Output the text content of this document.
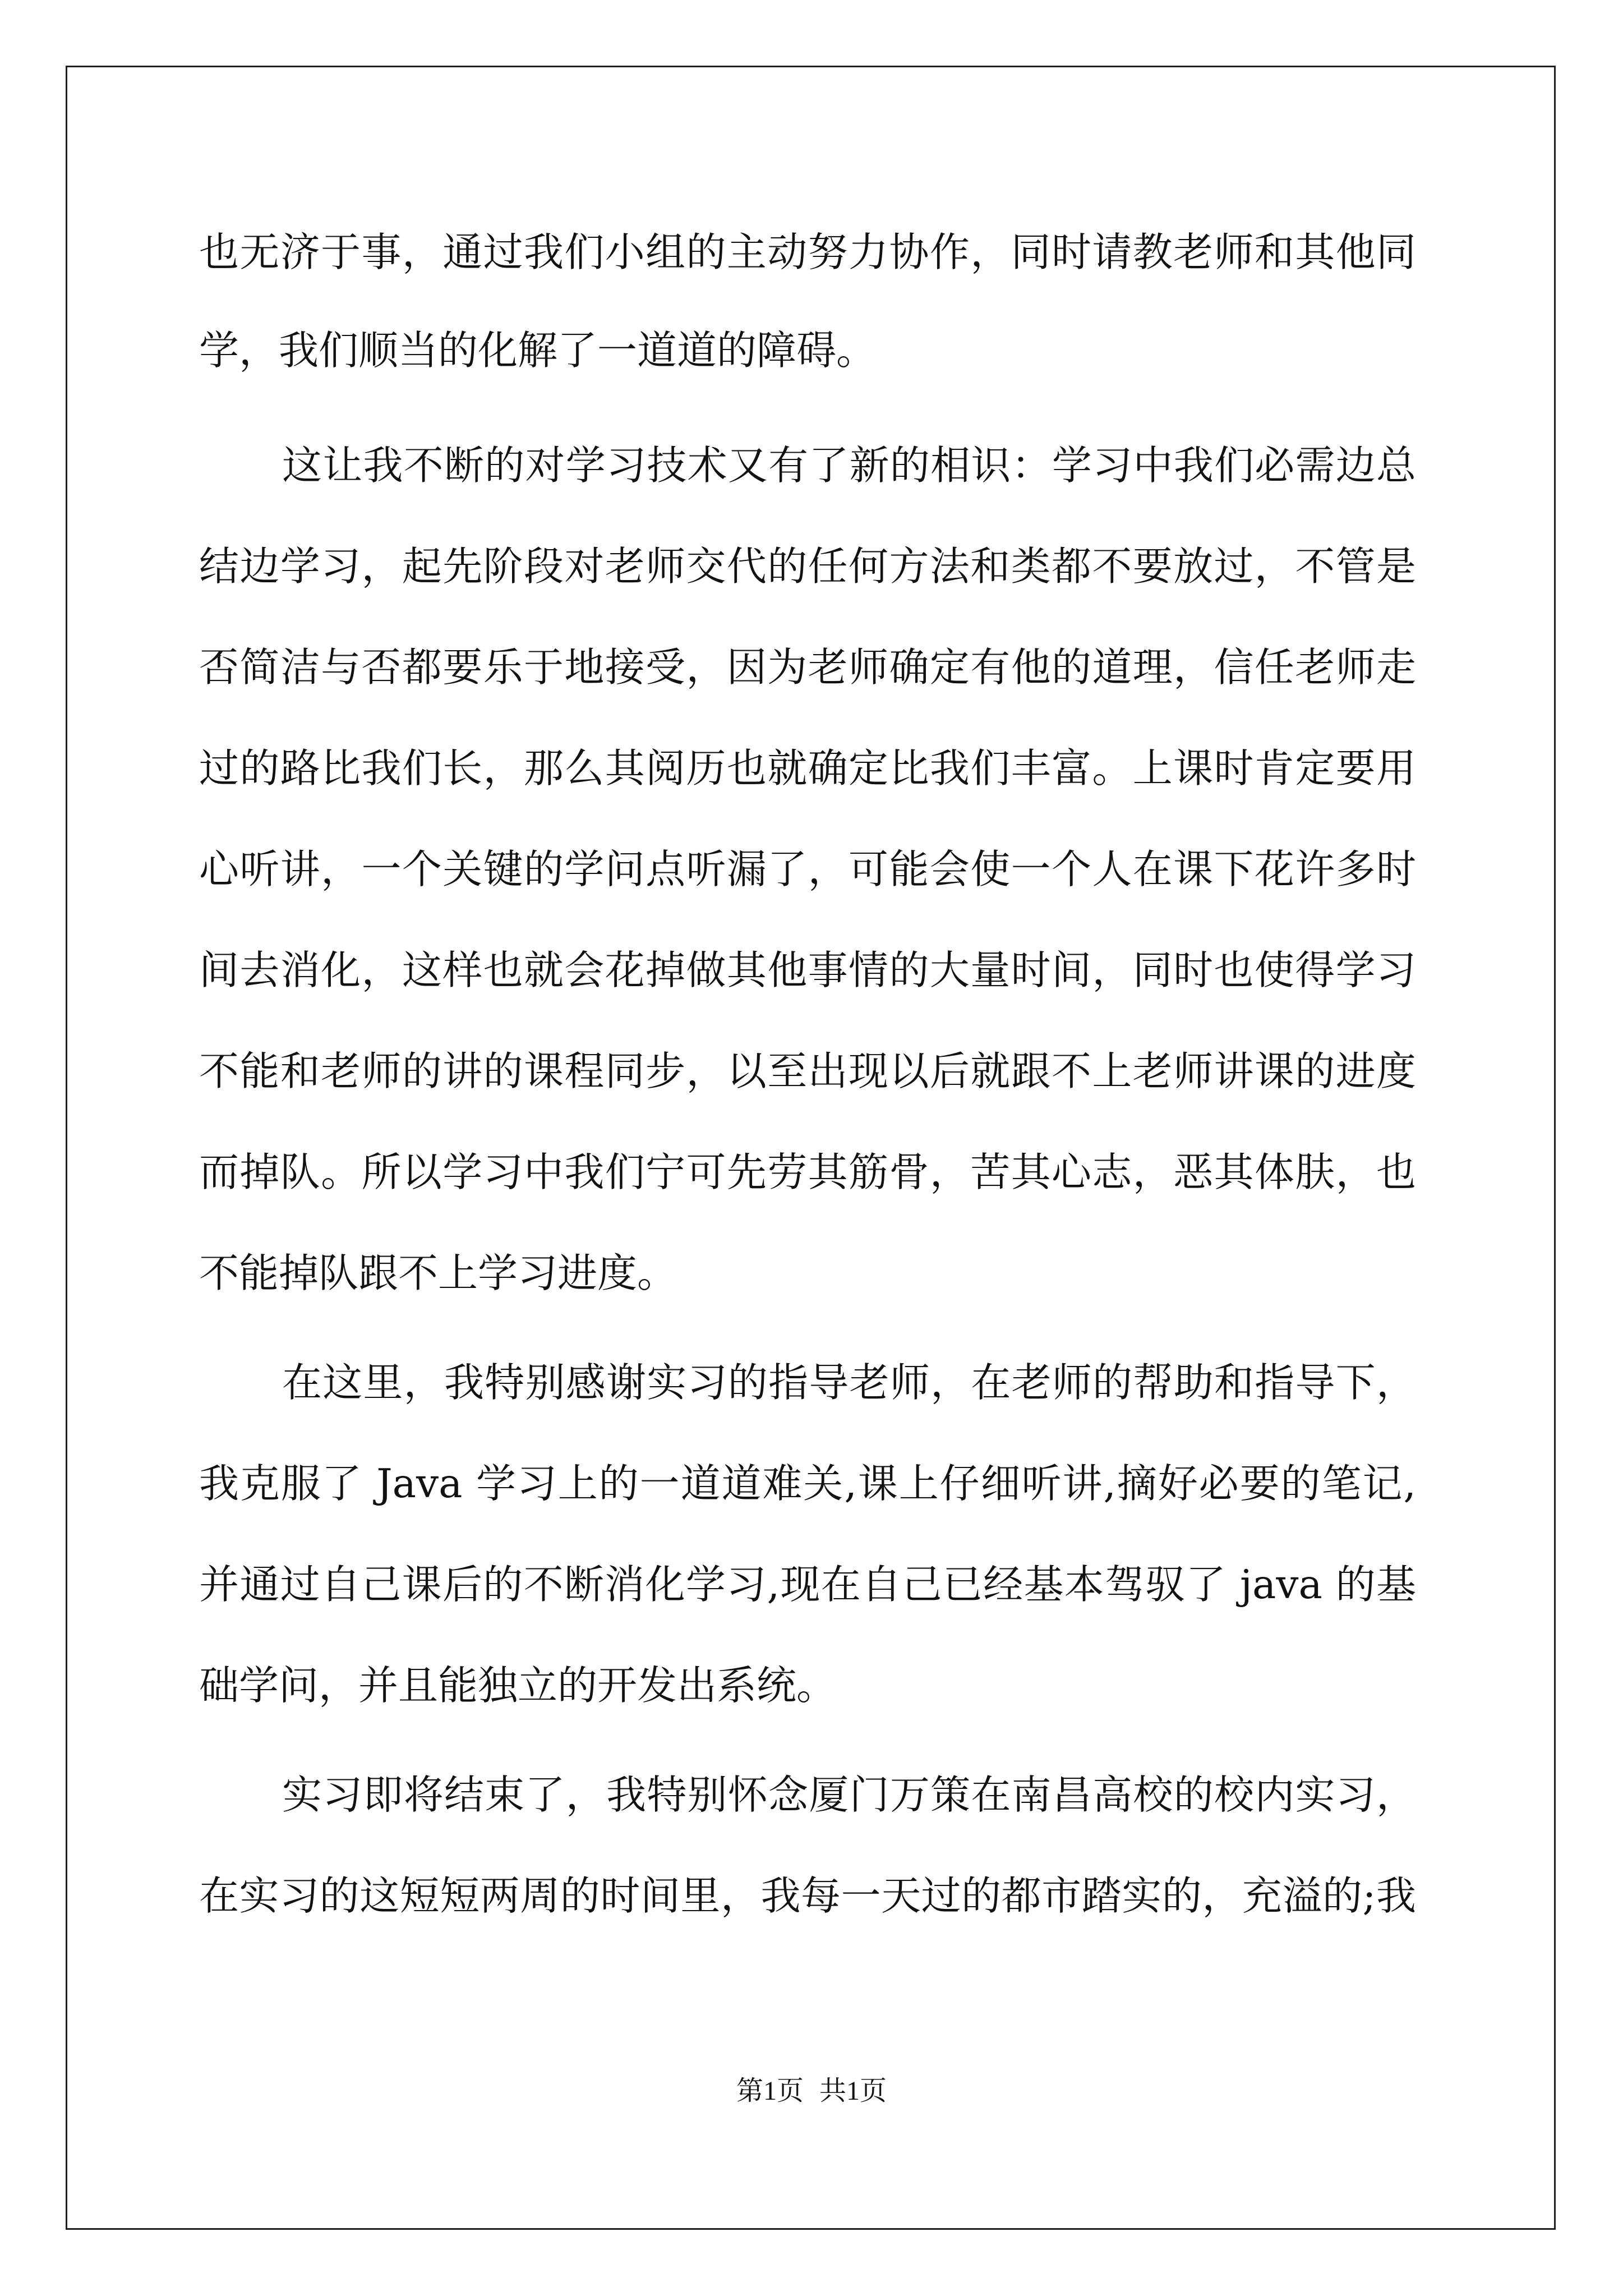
也无济于事，通过我们小组的主动努力协作，同时请教老师和其他同
学，我们顺当的化解了一道道的障碍。
这让我不断的对学习技术又有了新的相识：学习中我们必需边总
结边学习，起先阶段对老师交代的任何方法和类都不要放过，不管是
否简洁与否都要乐于地接受，因为老师确定有他的道理，信任老师走
过的路比我们长，那么其阅历也就确定比我们丰富。上课时肯定要用
心听讲，一个关键的学问点听漏了，可能会使一个人在课下花许多时
间去消化，这样也就会花掉做其他事情的大量时间，同时也使得学习
不能和老师的讲的课程同步，以至出现以后就跟不上老师讲课的进度
而掉队。所以学习中我们宁可先劳其筋骨，苦其心志，恶其体肤，也
不能掉队跟不上学习进度。
在这里，我特别感谢实习的指导老师，在老师的帮助和指导下，
我克服了 Java 学习上的一道道难关,课上仔细听讲,摘好必要的笔记,
并通过自己课后的不断消化学习,现在自己已经基本驾驭了 java 的基
础学问，并且能独立的开发出系统。
实习即将结束了，我特别怀念厦门万策在南昌高校的校内实习，
在实习的这短短两周的时间里，我每一天过的都市踏实的，充溢的;我
第1页 共1页
